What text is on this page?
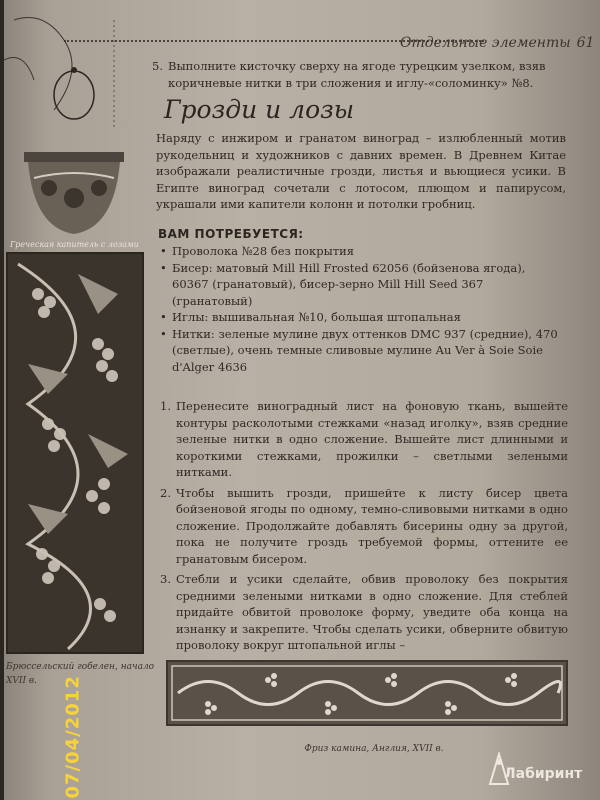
Отдельные элементы 61
Греческая капитель с лозами
Брюссельский гобелен, начало XVII в.
5. Выполните кисточку сверху на ягоде турецким узелком, взяв коричневые нитки в три сложения и иглу-«соломинку» №8.
Грозди и лозы
Наряду с инжиром и гранатом виноград – излюбленный мотив рукодельниц и художников с давних времен. В Древнем Китае изображали реалистичные грозди, листья и вьющиеся усики. В Египте виноград сочетали с лотосом, плющом и папирусом, украшали ими капители колонн и потолки гробниц.
ВАМ ПОТРЕБУЕТСЯ:
• Проволока №28 без покрытия
• Бисер: матовый Mill Hill Frosted 62056 (бойзенова ягода), 60367 (гранатовый), бисер-зерно Mill Hill Seed 367 (гранатовый)
• Иглы: вышивальная №10, большая штопальная
• Нитки: зеленые мулине двух оттенков DMC 937 (средние), 470 (светлые), очень темные сливовые мулине Au Ver à Soie Soie d'Alger 4636
1. Перенесите виноградный лист на фоновую ткань, вышейте контуры расколотыми стежками «назад иголку», взяв средние зеленые нитки в одно сложение. Вышейте лист длинными и короткими стежками, прожилки – светлыми зелеными нитками.
2. Чтобы вышить грозди, пришейте к листу бисер цвета бойзеновой ягоды по одному, темно-сливовыми нитками в одно сложение. Продолжайте добавлять бисерины одну за другой, пока не получите гроздь требуемой формы, оттените ее гранатовым бисером.
3. Стебли и усики сделайте, обвив проволоку без покрытия средними зелеными нитками в одно сложение. Для стеблей придайте обвитой проволоке форму, уведите оба конца на изнанку и закрепите. Чтобы сделать усики, обверните обвитую проволоку вокруг штопальной иглы –
Фриз камина, Англия, XVII в.
07/04/2012	Лабиринт
